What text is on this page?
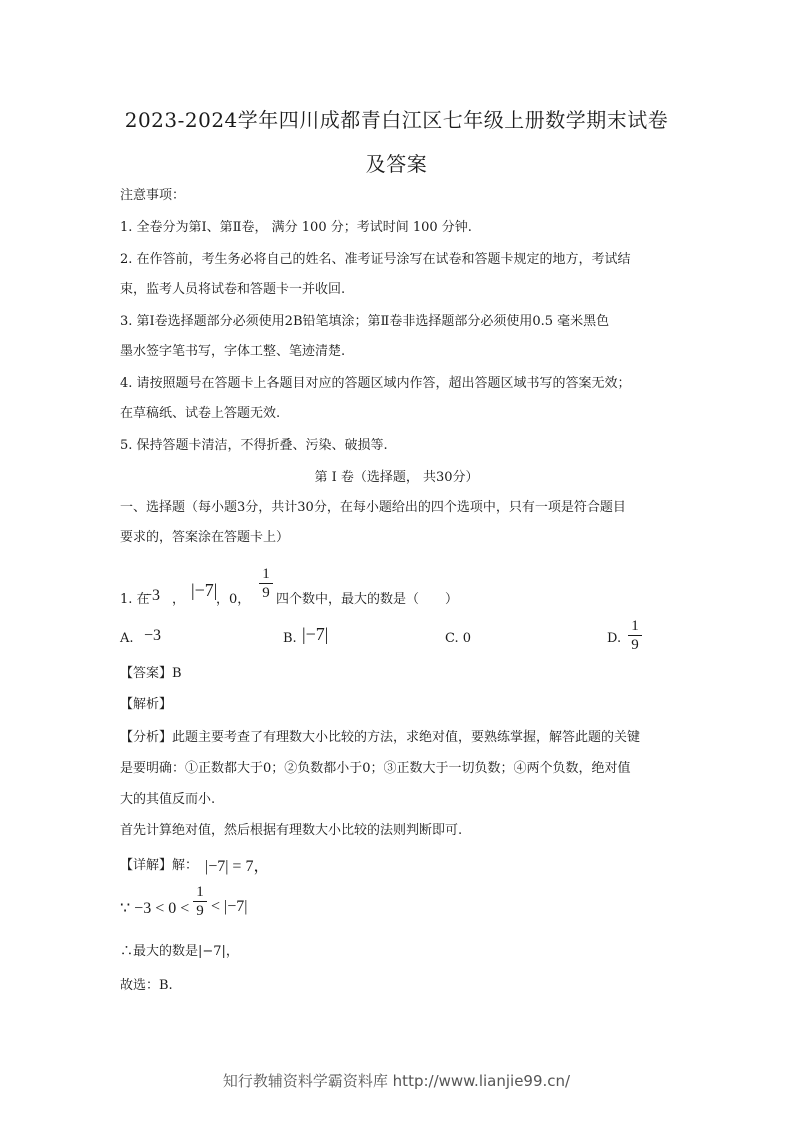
2023-2024学年四川成都青白江区七年级上册数学期末试卷
及答案
注意事项：
1. 全卷分为第Ⅰ、第Ⅱ卷， 满分 100 分；考试时间 100 分钟.
2. 在作答前，考生务必将自己的姓名、准考证号涂写在试卷和答题卡规定的地方，考试结
束，监考人员将试卷和答题卡一并收回.
3. 第Ⅰ卷选择题部分必须使用2B铅笔填涂；第Ⅱ卷非选择题部分必须使用0.5 毫米黑色
墨水签字笔书写，字体工整、笔迹清楚.
4. 请按照题号在答题卡上各题目对应的答题区域内作答，超出答题区域书写的答案无效；
在草稿纸、试卷上答题无效.
5. 保持答题卡清洁，不得折叠、污染、破损等.
第 Ⅰ 卷（选择题， 共30分）
一、选择题（每小题3分，共计30分，在每小题给出的四个选项中，只有一项是符合题目
要求的，答案涂在答题卡上）
1. 在
−3 ， |−7|
，0，
1
9 四个数中，最大的数是（　　）
A. −3	B. |−7|	C. 0	D.
1
9
【答案】B
【解析】
【分析】此题主要考查了有理数大小比较的方法，求绝对值，要熟练掌握，解答此题的关键
是要明确：①正数都大于0；②负数都小于0；③正数大于一切负数；④两个负数，绝对值
大的其值反而小.
首先计算绝对值，然后根据有理数大小比较的法则判断即可.
【详解】解： |−7| = 7，
∵ −3 < 0 <
1
9 < |−7|
∴最大的数是|−7|，
故选：B.
知行教辅资料学霸资料库 http://www.lianjie99.cn/
